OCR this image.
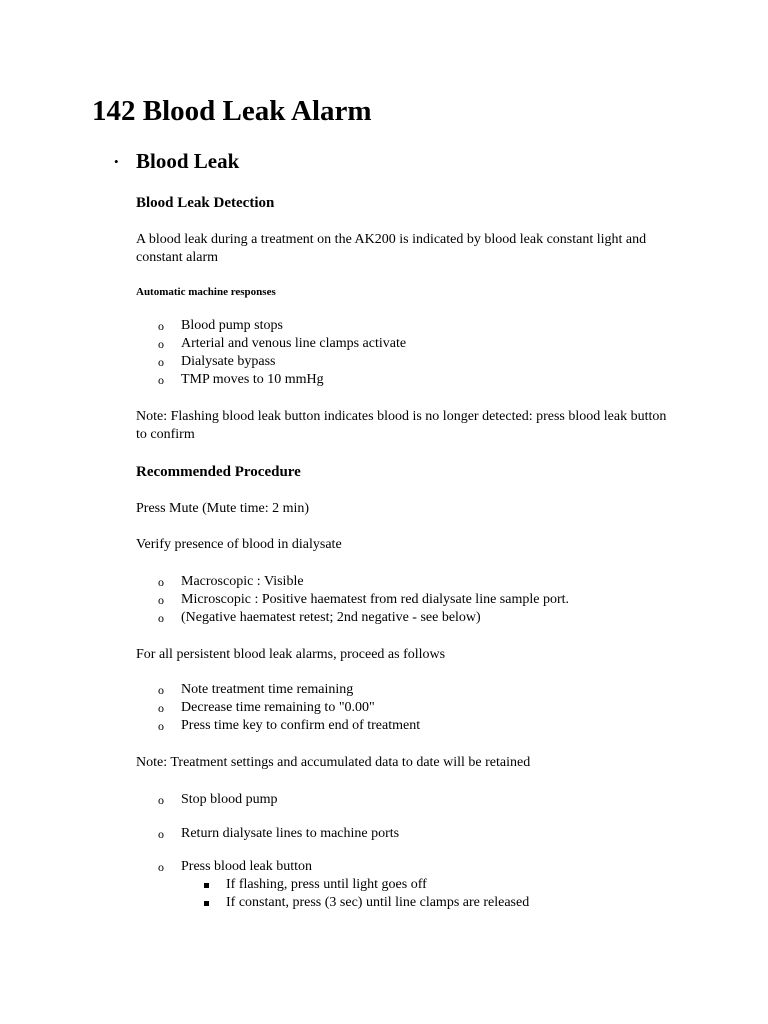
142 Blood Leak Alarm
• Blood Leak
Blood Leak Detection
A blood leak during a treatment on the AK200 is indicated by blood leak constant light and constant alarm
Automatic machine responses
o Blood pump stops
o Arterial and venous line clamps activate
o Dialysate bypass
o TMP moves to 10 mmHg
Note: Flashing blood leak button indicates blood is no longer detected: press blood leak button to confirm
Recommended Procedure
Press Mute (Mute time: 2 min)
Verify presence of blood in dialysate
o Macroscopic : Visible
o Microscopic : Positive haematest from red dialysate line sample port.
o (Negative haematest retest; 2nd negative - see below)
For all persistent blood leak alarms, proceed as follows
o Note treatment time remaining
o Decrease time remaining to "0.00"
o Press time key to confirm end of treatment
Note: Treatment settings and accumulated data to date will be retained
o Stop blood pump
o Return dialysate lines to machine ports
o Press blood leak button
If flashing, press until light goes off
If constant, press (3 sec) until line clamps are released
